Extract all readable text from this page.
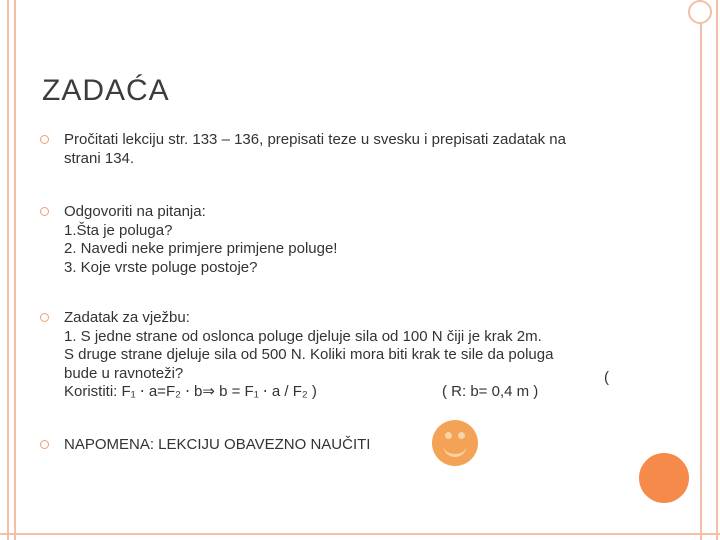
ZADAĆA
Pročitati lekciju str. 133 – 136, prepisati teze u svesku i prepisati zadatak na
strani 134.
Odgovoriti na pitanja:
1.Šta je poluga?
2. Navedi neke primjere primjene poluge!
3. Koje vrste poluge postoje?
Zadatak za vježbu:
1. S jedne strane od oslonca poluge djeluje sila od 100 N čiji je krak 2m.
S druge strane djeluje sila od 500 N. Koliki mora biti krak te sile da poluga
bude u ravnoteži?
Koristiti: F₁ ⋅ a=F₂ ⋅ b⇒ b = F₁ ⋅ a / F₂ )	( R: b= 0,4 m )
(
NAPOMENA: LEKCIJU OBAVEZNO NAUČITI
